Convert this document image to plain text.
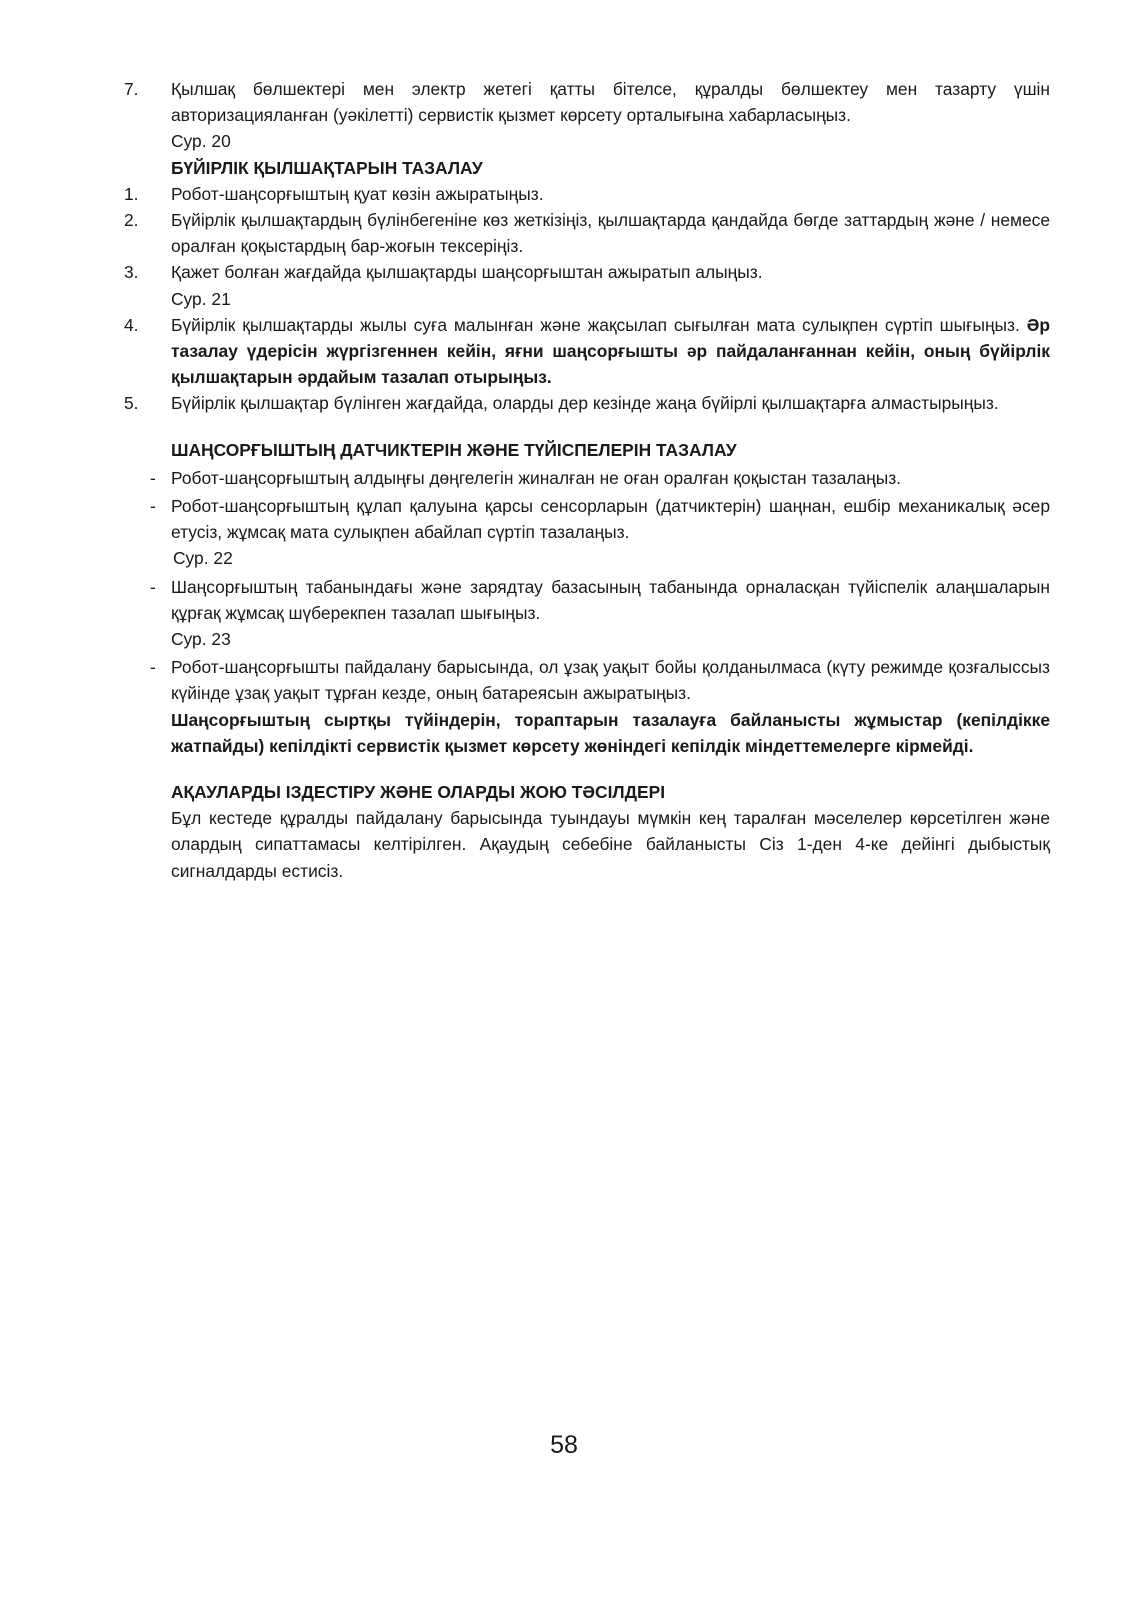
7. Қылшақ бөлшектері мен электр жетегі қатты бітелсе, құралды бөлшектеу мен тазарту үшін авторизацияланған (уәкілетті) сервистік қызмет көрсету орталығына хабарласыңыз.
Сур. 20
БҮЙІРЛІК ҚЫЛШАҚТАРЫН ТАЗАЛАУ
1. Робот-шаңсорғыштың қуат көзін ажыратыңыз.
2. Бүйірлік қылшақтардың бүлінбегеніне көз жеткізіңіз, қылшақтарда қандайда бөгде заттардың және / немесе оралған қоқыстардың бар-жоғын тексеріңіз.
3. Қажет болған жағдайда қылшақтарды шаңсорғыштан ажыратып алыңыз.
Сур. 21
4. Бүйірлік қылшақтарды жылы суға малынған және жақсылап сығылған мата сулықпен сүртіп шығыңыз. Әр тазалау үдерісін жүргізгеннен кейін, яғни шаңсорғышты әр пайдаланғаннан кейін, оның бүйірлік қылшақтарын әрдайым тазалап отырыңыз.
5. Бүйірлік қылшақтар бүлінген жағдайда, оларды дер кезінде жаңа бүйірлі қылшақтарға алмастырыңыз.
ШАҢСОРҒЫШТЫҢ ДАТЧИКТЕРІН ЖӘНЕ ТҮЙІСПЕЛЕРІН ТАЗАЛАУ
- Робот-шаңсорғыштың алдыңғы дөңгелегін жиналған не оған оралған қоқыстан тазалаңыз.
- Робот-шаңсорғыштың құлап қалуына қарсы сенсорларын (датчиктерін) шаңнан, ешбір механикалық әсер етусіз, жұмсақ мата сулықпен абайлап сүртіп тазалаңыз.
Сур. 22
- Шаңсорғыштың табанындағы және зарядтау базасының табанында орналасқан түйіспелік алаңшаларын құрғақ жұмсақ шүберекпен тазалап шығыңыз.
Сур. 23
- Робот-шаңсорғышты пайдалану барысында, ол ұзақ уақыт бойы қолданылмаса (күту режимде қозғалыссыз күйінде ұзақ уақыт тұрған кезде, оның батареясын ажыратыңыз.
Шаңсорғыштың сыртқы түйіндерін, тораптарын тазалауға байланысты жұмыстар (кепілдікке жатпайды) кепілдікті сервистік қызмет көрсету жөніндегі кепілдік міндеттемелерге кірмейді.
АҚАУЛАРДЫ ІЗДЕСТІРУ ЖӘНЕ ОЛАРДЫ ЖОЮ ТӘСІЛДЕРІ
Бұл кестеде құралды пайдалану барысында туындауы мүмкін кең таралған мәселелер көрсетілген және олардың сипаттамасы келтірілген. Ақаудың себебіне байланысты Сіз 1-ден 4-ке дейінгі дыбыстық сигналдарды естисіз.
58
